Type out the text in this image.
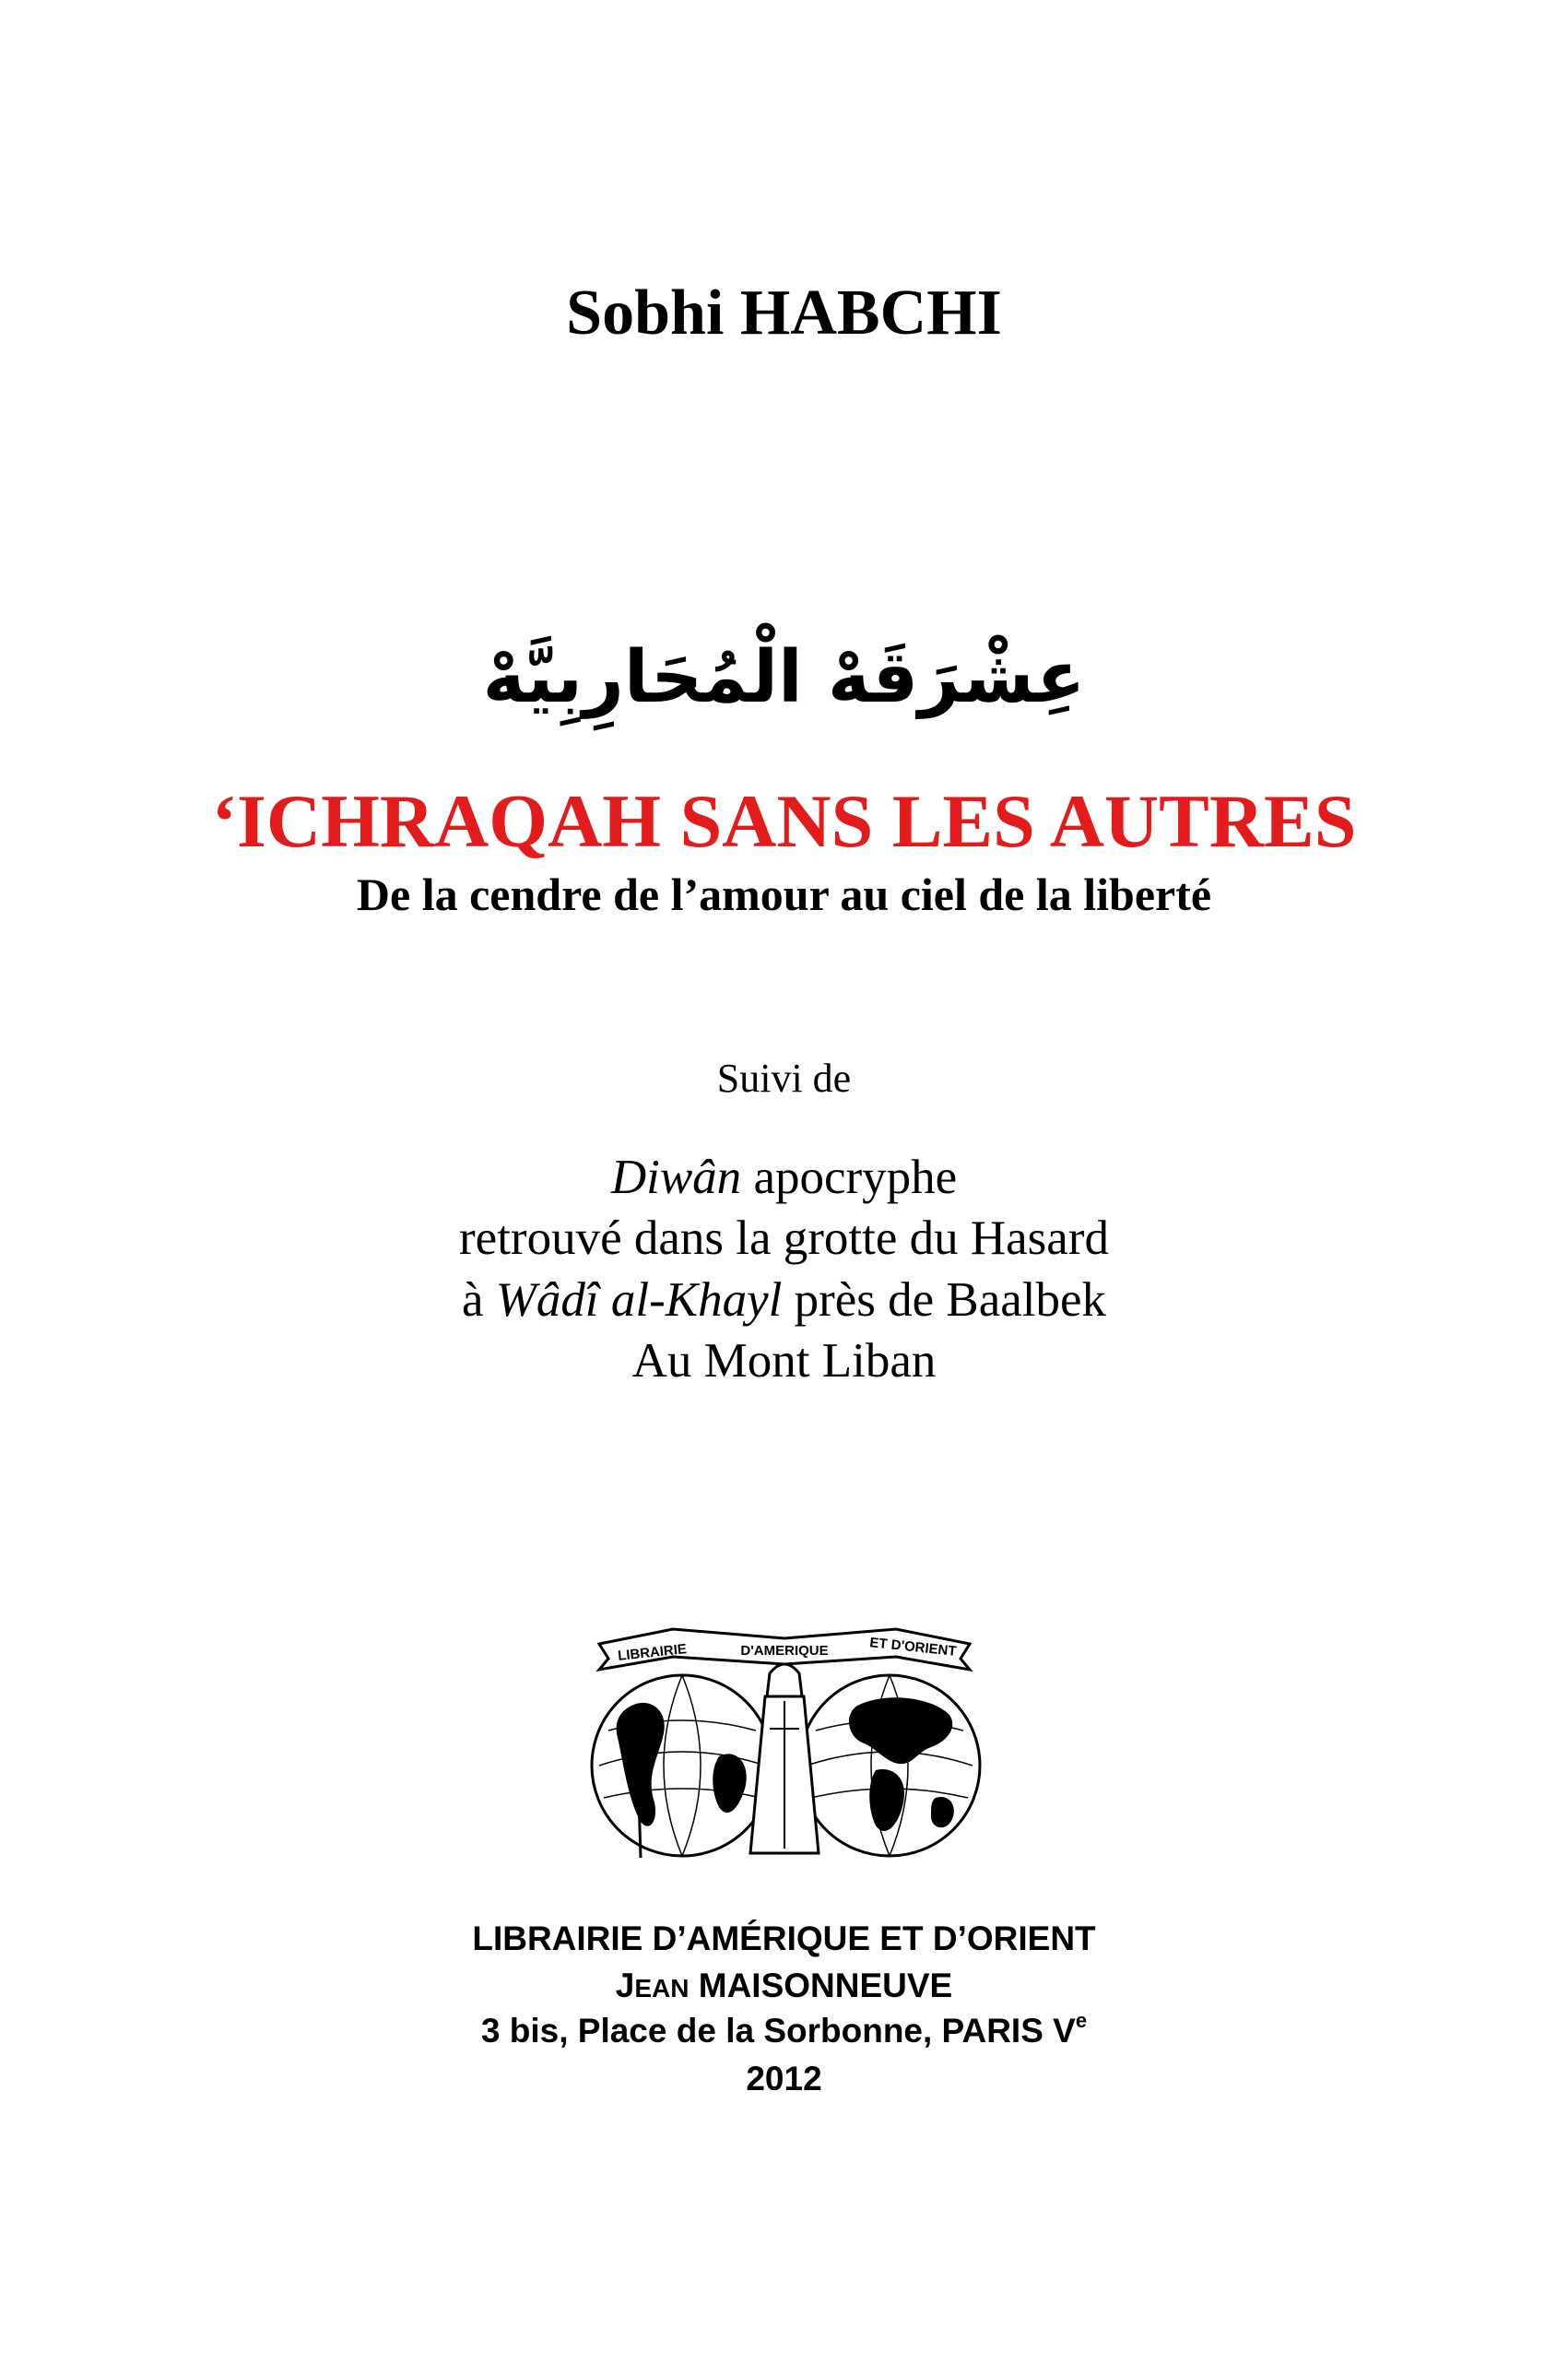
Sobhi HABCHI
عِشْرَقَهْ الْمُحَارِبِيَّهْ
‘ICHRAQAH SANS LES AUTRES
De la cendre de l’amour au ciel de la liberté
Suivi de
Diwân apocryphe
retrouvé dans la grotte du Hasard
à Wâdî al-Khayl près de Baalbek
Au Mont Liban
LIBRAIRIE	D'AMERIQUE	ET D'ORIENT
LIBRAIRIE D’AMÉRIQUE ET D’ORIENT
JEAN MAISONNEUVE
3 bis, Place de la Sorbonne, PARIS Ve
2012
